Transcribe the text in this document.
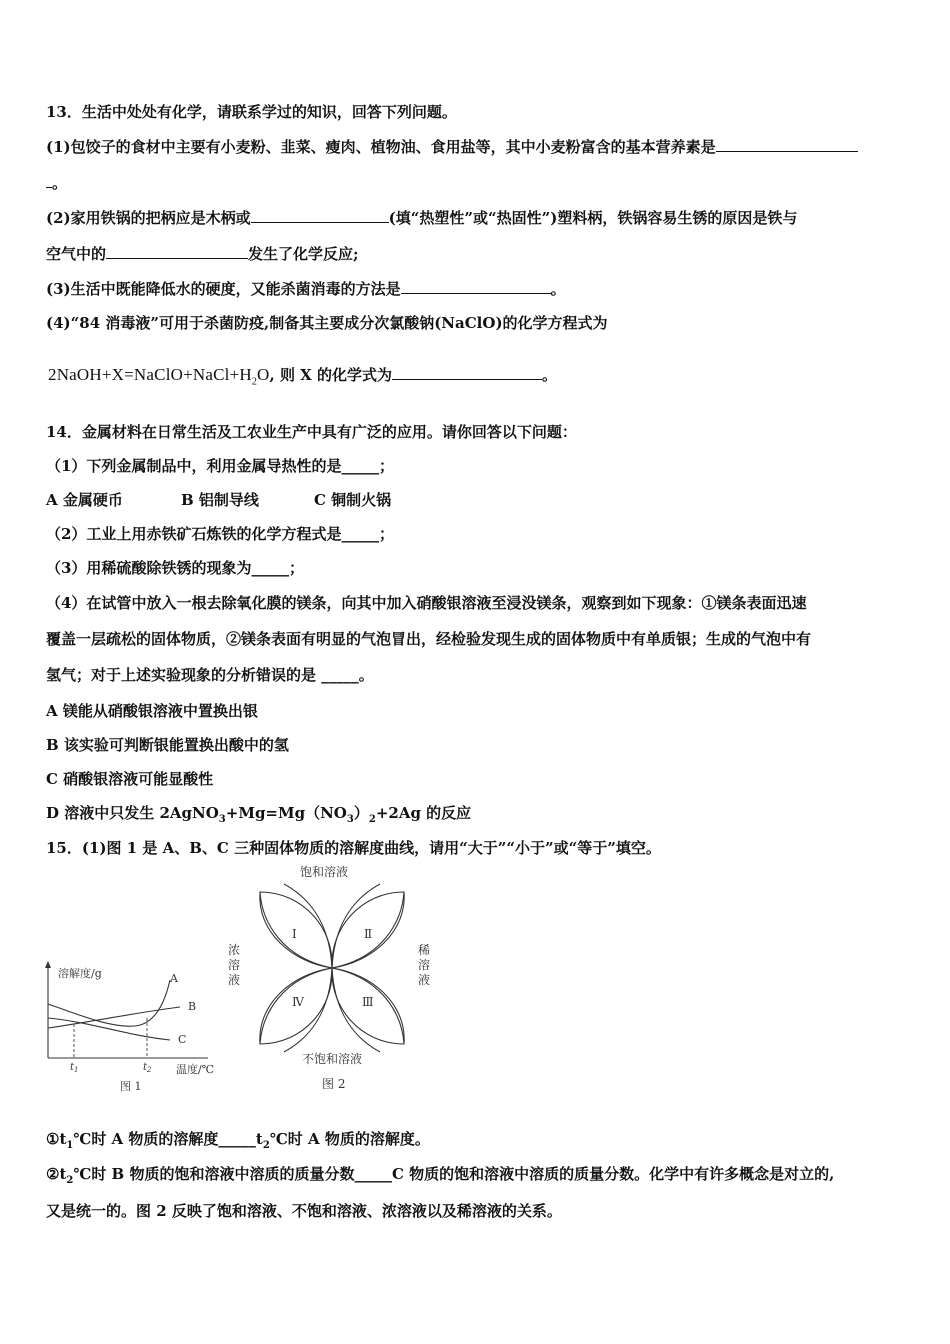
13．生活中处处有化学，请联系学过的知识，回答下列问题。
(1)包饺子的食材中主要有小麦粉、韭菜、瘦肉、植物油、食用盐等，其中小麦粉富含的基本营养素是
。
(2)家用铁锅的把柄应是木柄或	(填“热塑性”或“热固性”)塑料柄，铁锅容易生锈的原因是铁与
空气中的	发生了化学反应;
(3)生活中既能降低水的硬度，又能杀菌消毒的方法是	。
(4)“84 消毒液”可用于杀菌防疫,制备其主要成分次氯酸钠(NaClO)的化学方程式为
$2NaOH+X=NaClO+NaCl+H_2O$, 则 X 的化学式为	。
14．金属材料在日常生活及工农业生产中具有广泛的应用。请你回答以下问题：
（1）下列金属制品中，利用金属导热性的是_____；
A 金属硬币	B 铝制导线	C 铜制火锅
（2）工业上用赤铁矿石炼铁的化学方程式是_____；
（3）用稀硫酸除铁锈的现象为_____；
（4）在试管中放入一根去除氧化膜的镁条，向其中加入硝酸银溶液至浸没镁条，观察到如下现象：①镁条表面迅速
覆盖一层疏松的固体物质，②镁条表面有明显的气泡冒出，经检验发现生成的固体物质中有单质银；生成的气泡中有
氢气；对于上述实验现象的分析错误的是 _____。
A 镁能从硝酸银溶液中置换出银
B 该实验可判断银能置换出酸中的氢
C 硝酸银溶液可能显酸性
D 溶液中只发生 $2AgNO_3+Mg=Mg(NO_3)_2+2Ag$ 的反应
15．(1)图 1 是 A、B、C 三种固体物质的溶解度曲线，请用“大于”“小于”或“等于”填空。
溶解度/g	A
B
C
$t_1$	$t_2$ 温度/℃
图 1
饱和溶液
不饱和溶液
浓 溶液
稀 溶液
Ⅰ	Ⅱ
Ⅲ
Ⅳ
图 2
$①t_1℃$时 A 物质的溶解度$\_\_\_\_\_t_2℃$时 A 物质的溶解度。
$②t_2℃$时 B 物质的饱和溶液中溶质的质量分数_____C 物质的饱和溶液中溶质的质量分数。化学中有许多概念是对立的,
又是统一的。图 2 反映了饱和溶液、不饱和溶液、浓溶液以及稀溶液的关系。
